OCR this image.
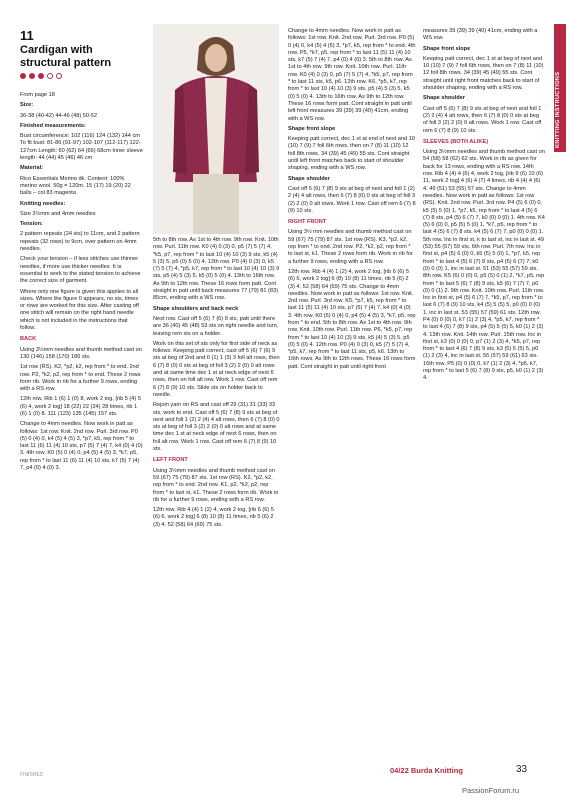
11
Cardigan with structural pattern

From page 18

Size:

36-38 (40-42) 44-46 (48) 50-52

Finished measurements:

Bust circumference: 102 (116) 124 (132) 144 cm To fit bust: 81-86 (91-97) 102-107 (112-117) 122-127cm Length: 60 (62) 64 (66) 68cm Inner sleeve length: 44 (44) 45 (46) 46 cm

Material:

Rico Essentials Merino dk. Content: 100% merino wool. 50g = 120m. 15 (17) 19 (20) 22 balls – col 83 magenta

Knitting needles:

Size 3½mm and 4mm needles

Tension:

2 pattern repeats (24 sts) to 11cm, and 2 pattern repeats (32 rows) to 9cm, over pattern on 4mm needles.

Check your tension – if less stitches use thinner needles, if more use thicker needles. It is essential to work to the stated tension to achieve the correct size of garment.

Where only one figure is given this applies to all sizes. Where the figure 0 appears, no sts, times or rows are worked for this size. After casting off one stitch will remain on the right hand needle which is not included in the instructions that follow.

BACK

Using 3½mm needles and thumb method cast on 130 (146) 158 (170) 186 sts.

1st row (RS). K2, *p2, k2, rep from * to end. 2nd row. P2, *k2, p2, rep from * to end. These 2 rows form rib. Work in rib for a further 9 rows, ending with a RS row.

12th row. Rib 1 (6) 1 (0) 8, work 2 tog, [rib 5 (4) 5 (6) 4, work 2 tog] 18 (22) 22 (24) 28 times, rib 1 (6) 1 (0) 8. 111 (123) 135 (145) 157 sts.

Change to 4mm needles. Now work in patt as follows: 1st row. Knit. 2nd row. Purl. 3rd row. P0 (5) 0 (4) 0, k4 (5) 4 (5) 3, *p7, k5, rep from * to last 11 (6) 11 (4) 10 sts, p7 (5) 7 (4) 7, k4 (0) 4 (0) 3. 4th row. K0 (5) 0 (4) 0, p4 (5) 4 (5) 3, *k7, p5, rep from * to last 11 (6) 11 (4) 10 sts, k7 (5) 7 (4) 7, p4 (0) 4 (0) 3.

5th to 8th row. As 1st to 4th row. 9th row. Knit. 10th row. Purl. 11th row. K0 (4) 0 (3) 0, p5 (7) 5 (7) 4, *k5, p7, rep from * to last 10 (4) 10 (3) 9 sts, k5 (4) 5 (3) 5, p5 (0) 5 (0) 4. 12th row. P0 (4) 0 (3) 0, k5 (7) 5 (7) 4, *p5, k7, rep from * to last 10 (4) 10 (3) 9 sts, p5 (4) 5 (3) 5, k5 (0) 5 (0) 4. 13th to 16th row. As 9th to 12th row. These 16 rows form patt. Cont straight in patt until back measures 77 (79) 81 (83) 85cm, ending with a WS row.

Shape shoulders and back neck

Next row. Cast off 5 (6) 7 (6) 9 sts, patt until there are 36 (40) 45 (48) 53 sts on right needle and turn, leaving rem sts on a holder.

Work on this set of sts only for first side of neck as follows: Keeping patt correct, cast off 5 (6) 7 (6) 9 sts at beg of 2nd and 0 (1) 1 (3) 3 foll alt rows, then 6 (7) 8 (0) 0 sts at beg of foll 3 (2) 2 (0) 0 alt rows and at same time dec 1 st at neck edge of next 6 rows, then on foll alt row. Work 1 row. Cast off rem 6 (7) 8 (9) 10 sts. Slide sts on holder back to needle.

Rejoin yarn on RS and cast off 29 (31) 31 (33) 33 sts, work to end. Cast off 5 (6) 7 (8) 9 sts at beg of next and foll 1 (2) 2 (4) 4 alt rows, then 6 (7) 8 (0) 0 sts at beg of foll 3 (2) 2 (0) 0 alt rows and at same time dec 1 st at neck edge of next 6 rows, then on foll alt row. Work 1 row. Cast off rem 6 (7) 8 (9) 10 sts.

LEFT FRONT

Using 3½mm needles and thumb method cast on 59 (67) 75 (79) 87 sts. 1st row (RS). K2, *p2, k2, rep from * to end. 2nd row. K1, p2, *k2, p2, rep from * to last st, k1. These 2 rows form rib. Work in rib for a further 9 rows, ending with a RS row.

12th row. Rib 4 (4) 1 (2) 4, work 2 tog, [rib 6 (6) 5 (6) 6, work 2 tog] 6 (8) 10 (8) 11 times, rib 5 (6) 2 (3) 4. 52 (58) 64 (69) 75 sts.

Change to 4mm needles. Now work in patt as follows: 1st row. Knit. 2nd row. Purl. 3rd row. P0 (5) 0 (4) 0, k4 (5) 4 (5) 3, *p7, k5, rep from * to end. 4th row. P5, *k7, p5, rep from * to last 11 (5) 11 (4) 10 sts, k7 (5) 7 (4) 7, p4 (0) 4 (0) 3. 5th to 8th row. As 1st to 4th row. 9th row. Knit. 10th row. Purl. 11th row. K0 (4) 0 (3) 0, p5 (7) 5 (7) 4, *k5, p7, rep from * to last 11 sts, k5, p6. 12th row. K6, *p5, k7, rep from * to last 10 (4) 10 (3) 9 sts, p5 (4) 5 (3) 5, k5 (0) 5 (0) 4. 13th to 16th row. As 9th to 12th row. These 16 rows form patt. Cont straight in patt until left front measures 39 (39) 39 (40) 41cm, ending with a WS row.

Shape front slope

Keeping patt correct, dec 1 st at end of next and 10 (10) 7 (9) 7 foll 6th rows, then on 7 (8) 11 (10) 12 foll 8th rows. 34 (39) 45 (49) 55 sts. Cont straight until left front matches back to start of shoulder shaping, ending with a WS row.

Shape shoulder

Cast off 5 (6) 7 (8) 9 sts at beg of next and foll 1 (2) 2 (4) 4 alt rows, then 6 (7) 8 (0) 0 sts at beg of foll 3 (2) 2 (0) 0 alt rows. Work 1 row. Cast off rem 6 (7) 8 (9) 10 sts.

RIGHT FRONT

Using 3½ mm needles and thumb method cast on 59 (67) 75 (79) 87 sts. 1st row (RS). K3, *p2, k2, rep from * to end. 2nd row. P2, *k2, p2, rep from * to last st, k1. These 2 rows form rib. Work in rib for a further 9 rows, ending with a RS row.

12th row. Rib 4 (4) 1 (2) 4, work 2 tog, [rib 6 (6) 5 (6) 6, work 2 tog] 6 (8) 10 (8) 11 times, rib 5 (6) 2 (3) 4. 52 (58) 64 (69) 75 sts. Change to 4mm needles. Now work in patt as follows: 1st row. Knit. 2nd row. Purl. 3rd row. K5, *p7, k5, rep from * to last 11 (5) 11 (4) 10 sts, p7 (5) 7 (4) 7, k4 (0) 4 (0) 3. 4th row. K0 (5) 0 (4) 0, p4 (5) 4 (5) 3, *k7, p5, rep from * to end. 5th to 8th row. As 1st to 4th row. 9th row. Knit. 10th row. Purl. 11th row. P6, *k5, p7, rep from * to last 10 (4) 10 (3) 9 sts, k5 (4) 5 (3) 5, p5 (0) 5 (0) 4. 12th row. P0 (4) 0 (3) 0, k5 (7) 5 (7) 4, *p5, k7, rep from * to last 11 sts, p5, k6. 13th to 16th rows. As 9th to 12th rows. These 16 rows form patt. Cont straight in patt until right front

measures 39 (39) 39 (40) 41cm, ending with a WS row.

Shape front slope

Keeping patt correct, dec 1 st at beg of next and 10 (10) 7 (9) 7 foll 6th rows, then on 7 (8) 11 (10) 12 foll 8th rows. 34 (39) 45 (49) 55 sts. Cont straight until right front matches back to start of shoulder shaping, ending with a RS row.

Shape shoulder

Cast off 5 (6) 7 (8) 9 sts at beg of next and foll 1 (2) 2 (4) 4 alt rows, then 6 (7) 8 (0) 0 sts at beg of foll 3 (2) 2 (0) 0 alt rows. Work 1 row. Cast off rem 6 (7) 8 (9) 10 sts.

SLEEVES (BOTH ALIKE)

Using 3½mm needles and thumb method cast on 54 (58) 58 (62) 62 sts. Work in rib as given for back for 13 rows, ending with a RS row. 14th row. Rib 4 (4) 4 (6) 4, work 2 tog, [rib 9 (6) 10 (6) 11, work 2 tog] 4 (6) 4 (7) 4 times, rib 4 (4) 4 (6) 4. 49 (51) 53 (55) 57 sts. Change to 4mm needles. Now work in patt as follows: 1st row (RS). Knit. 2nd row. Purl. 3rd row. P4 (5) 6 (0) 0, k5 (5) 5 (0) 1, *p7, k5, rep from * to last 4 (5) 6 (7) 8 sts, p4 (5) 6 (7) 7, k0 (0) 0 (0) 1. 4th row. K4 (5) 6 (0) 0, p5 (5) 5 (0) 1, *k7, p5, rep from * to last 4 (5) 6 (7) 8 sts, k4 (5) 6 (7) 7, p0 (0) 0 (0) 1. 5th row. Inc in first st, k to last st, inc in last st. 49 (53) 55 (57) 59 sts. 6th row. Purl. 7th row. Inc in first st, p4 (5) 6 (0) 0, k5 (5) 5 (0) 1, *p7, k5, rep from * to last 4 (5) 6 (7) 8 sts, p4 (5) 6 (7) 7, k0 (0) 0 (0) 1, inc in last st. 51 (53) 55 (57) 59 sts. 8th row. K5 (6) 0 (0) 0, p5 (5) 0 (1) 2, *k7, p5, rep from * to last 5 (6) 7 (8) 9 sts, k5 (6) 7 (7) 7, p0 (0) 0 (1) 2. 9th row. Knit. 10th row. Purl. 11th row. Inc in first st, p4 (5) 6 (7) 7, *k5, p7, rep from * to last 6 (7) 8 (9) 10 sts, k4 (5) 5 (5) 5, p0 (0) 0 (0) 1, inc in last st. 53 (55) 57 (59) 61 sts. 12th row. P4 (0) 0 (0) 0, k7 (1) 2 (3) 4, *p5, k7, rep from * to last 4 (6) 7 (8) 9 sts, p4 (5) 5 (5) 5, k0 (1) 2 (3) 4. 13th row. Knit. 14th row. Purl. 15th row. Inc in first st, k3 (0) 0 (0) 0, p7 (1) 2 (3) 4, *k5, p7, rep from * to last 4 (6) 7 (8) 9 sts, k3 (5) 5 (5) 5, p0 (1) 2 (3) 4, inc in last st. 55 (57) 59 (61) 63 sts. 16th row. P5 (0) 0 (0) 0, k7 (1) 2 (3) 4, *p5, k7, rep from * to last 5 (6) 7 (8) 9 sts, p5, k0 (1) 2 (3) 4.

KNITTING INSTRUCTIONS
FINISHED	04/22 Burda Knitting	33
PassionForum.ru
